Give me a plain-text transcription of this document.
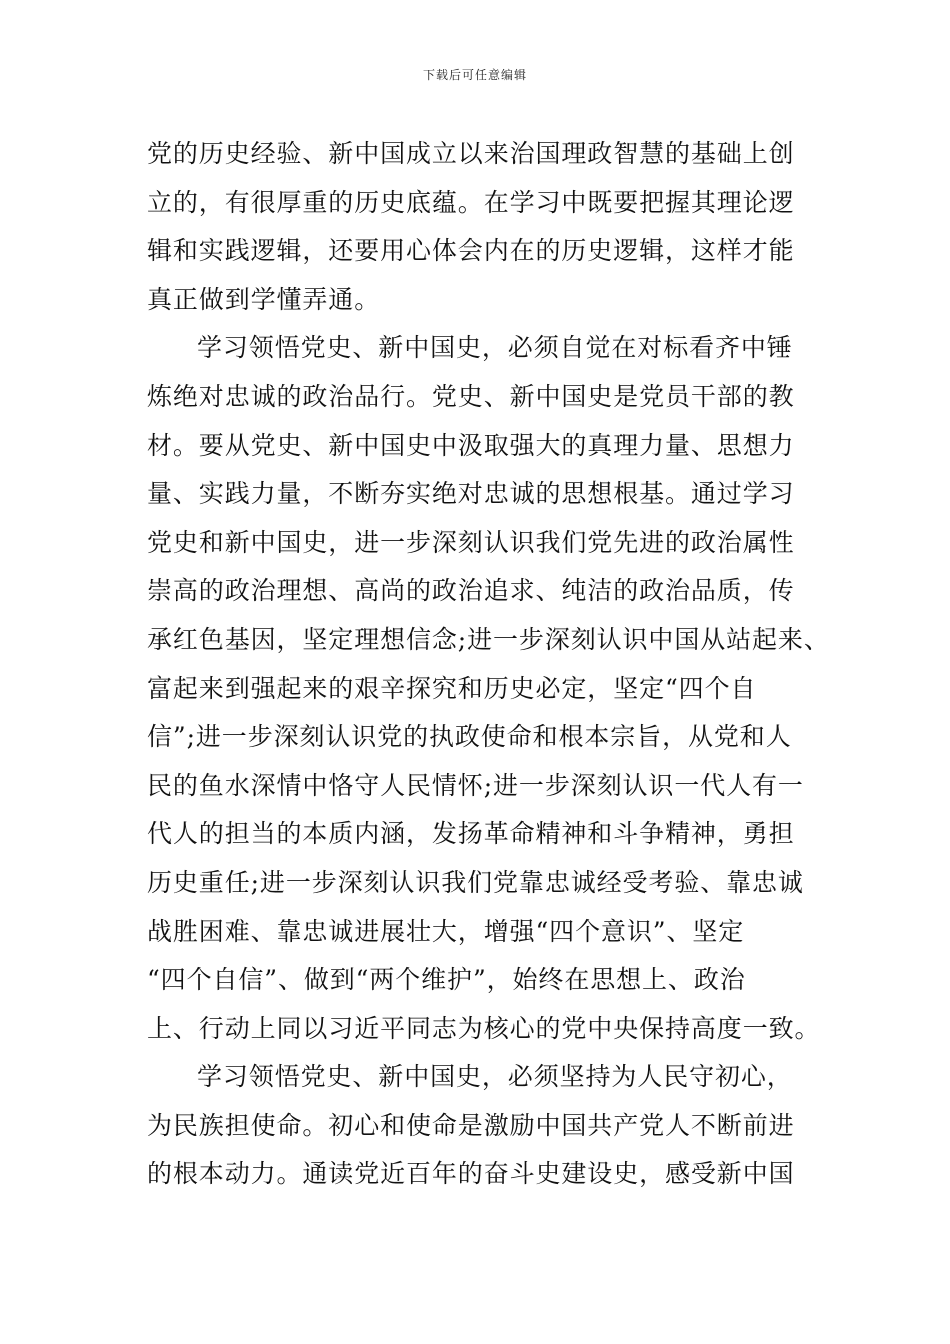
下载后可任意编辑
党的历史经验、新中国成立以来治国理政智慧的基础上创
立的，有很厚重的历史底蕴。在学习中既要把握其理论逻
辑和实践逻辑，还要用心体会内在的历史逻辑，这样才能
真正做到学懂弄通。
学习领悟党史、新中国史，必须自觉在对标看齐中锤
炼绝对忠诚的政治品行。党史、新中国史是党员干部的教
材。要从党史、新中国史中汲取强大的真理力量、思想力
量、实践力量，不断夯实绝对忠诚的思想根基。通过学习
党史和新中国史，进一步深刻认识我们党先进的政治属性
崇高的政治理想、高尚的政治追求、纯洁的政治品质，传
承红色基因，坚定理想信念;进一步深刻认识中国从站起来、
富起来到强起来的艰辛探究和历史必定，坚定“四个自
信”;进一步深刻认识党的执政使命和根本宗旨，从党和人
民的鱼水深情中恪守人民情怀;进一步深刻认识一代人有一
代人的担当的本质内涵，发扬革命精神和斗争精神，勇担
历史重任;进一步深刻认识我们党靠忠诚经受考验、靠忠诚
战胜困难、靠忠诚进展壮大，增强“四个意识”、坚定
“四个自信”、做到“两个维护”，始终在思想上、政治
上、行动上同以习近平同志为核心的党中央保持高度一致。
学习领悟党史、新中国史，必须坚持为人民守初心，
为民族担使命。初心和使命是激励中国共产党人不断前进
的根本动力。通读党近百年的奋斗史建设史，感受新中国
